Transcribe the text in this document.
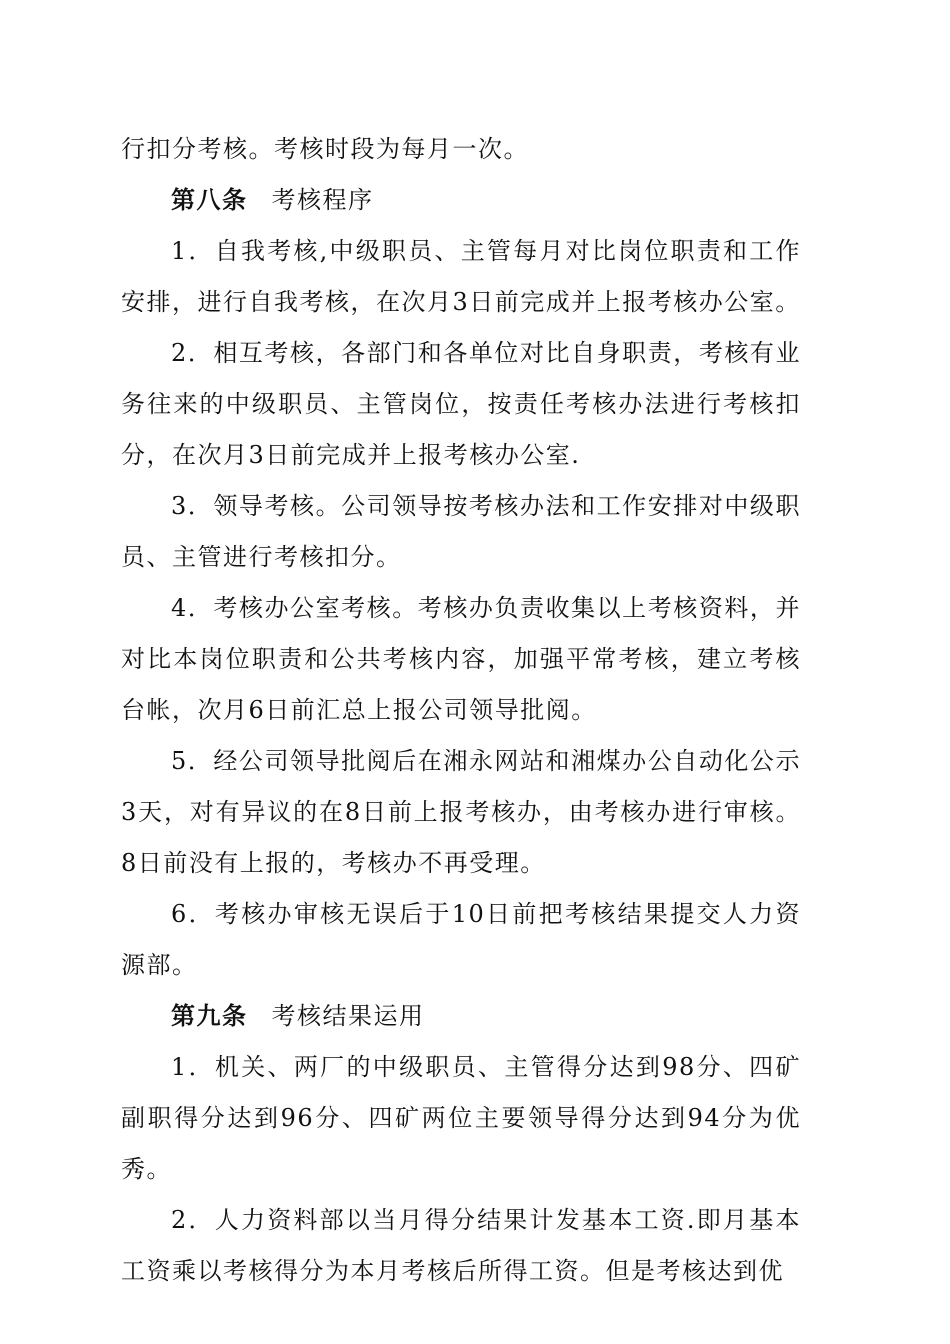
行扣分考核。考核时段为每月一次。

第八条 考核程序

1．自我考核,中级职员、主管每月对比岗位职责和工作安排，进行自我考核，在次月3日前完成并上报考核办公室。

2．相互考核，各部门和各单位对比自身职责，考核有业务往来的中级职员、主管岗位，按责任考核办法进行考核扣分，在次月3日前完成并上报考核办公室.

3．领导考核。公司领导按考核办法和工作安排对中级职员、主管进行考核扣分。

4．考核办公室考核。考核办负责收集以上考核资料，并对比本岗位职责和公共考核内容，加强平常考核，建立考核台帐，次月6日前汇总上报公司领导批阅。

5．经公司领导批阅后在湘永网站和湘煤办公自动化公示3天，对有异议的在8日前上报考核办，由考核办进行审核。8日前没有上报的，考核办不再受理。

6．考核办审核无误后于10日前把考核结果提交人力资源部。

第九条 考核结果运用

1．机关、两厂的中级职员、主管得分达到98分、四矿副职得分达到96分、四矿两位主要领导得分达到94分为优秀。

2．人力资料部以当月得分结果计发基本工资.即月基本工资乘以考核得分为本月考核后所得工资。但是考核达到优
